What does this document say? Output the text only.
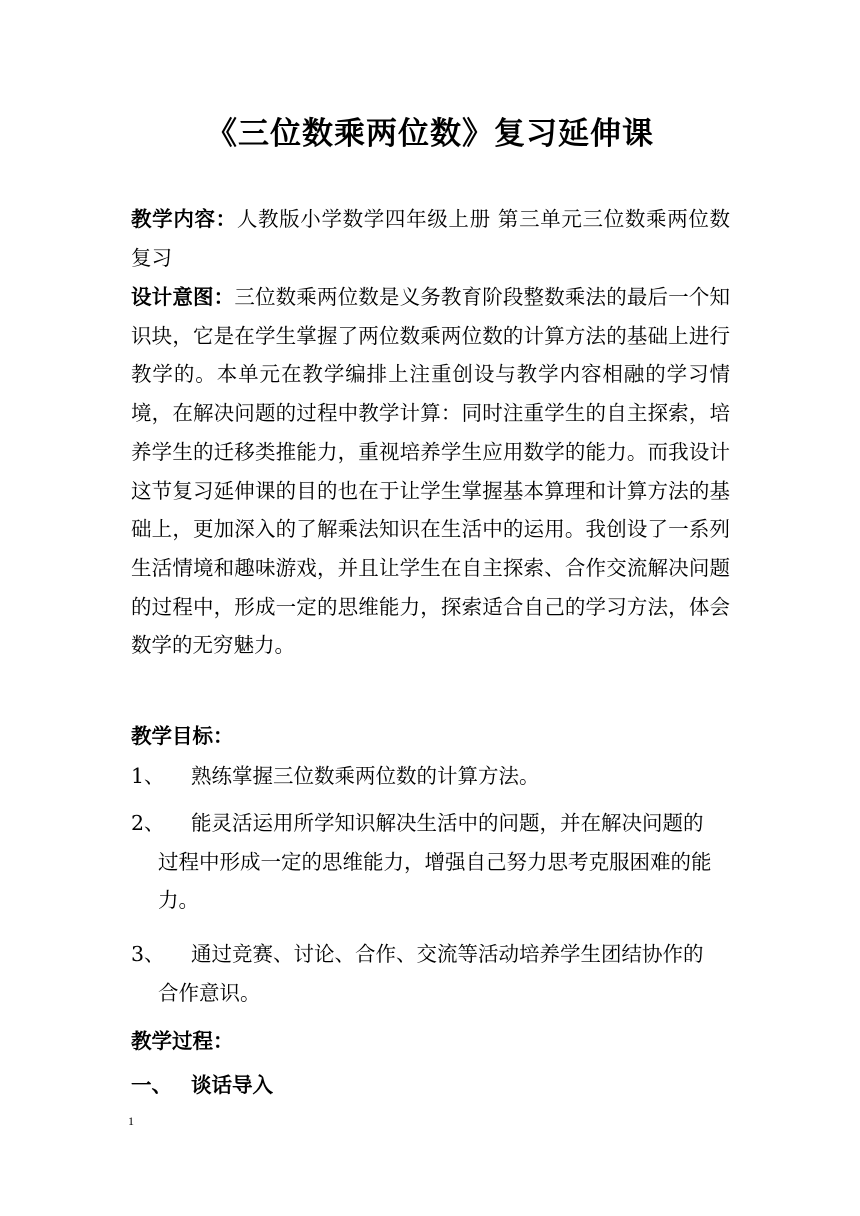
《三位数乘两位数》复习延伸课
教学内容：人教版小学数学四年级上册 第三单元三位数乘两位数复习
设计意图：三位数乘两位数是义务教育阶段整数乘法的最后一个知识块，它是在学生掌握了两位数乘两位数的计算方法的基础上进行教学的。本单元在教学编排上注重创设与教学内容相融的学习情境，在解决问题的过程中教学计算：同时注重学生的自主探索，培养学生的迁移类推能力，重视培养学生应用数学的能力。而我设计这节复习延伸课的目的也在于让学生掌握基本算理和计算方法的基础上，更加深入的了解乘法知识在生活中的运用。我创设了一系列生活情境和趣味游戏，并且让学生在自主探索、合作交流解决问题的过程中，形成一定的思维能力，探索适合自己的学习方法，体会数学的无穷魅力。
教学目标：
1、	熟练掌握三位数乘两位数的计算方法。
2、	能灵活运用所学知识解决生活中的问题，并在解决问题的
过程中形成一定的思维能力，增强自己努力思考克服困难的能力。
3、	通过竞赛、讨论、合作、交流等活动培养学生团结协作的
合作意识。
教学过程：
一、 谈话导入
1
